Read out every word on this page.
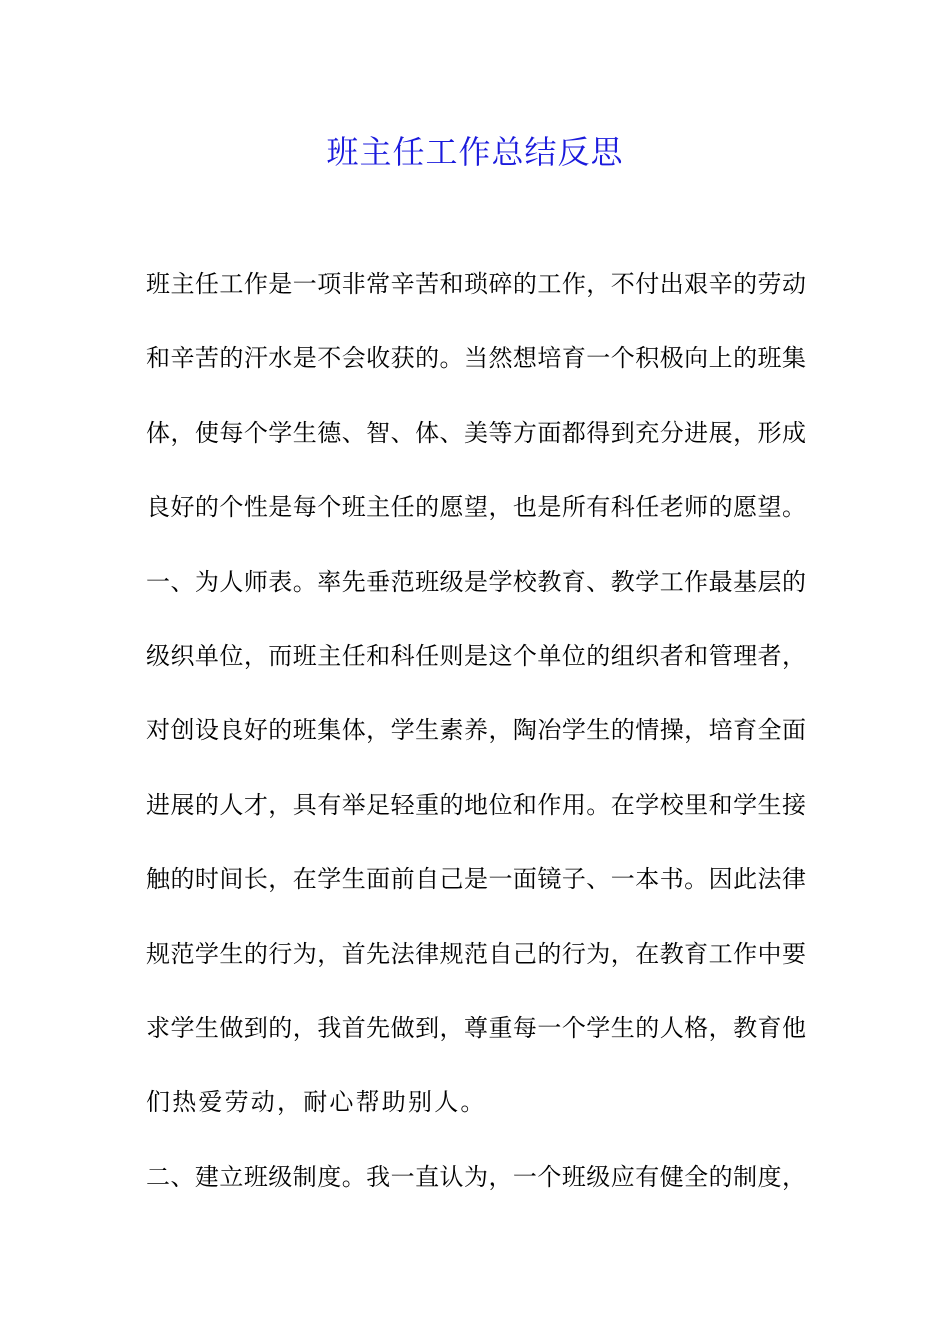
班主任工作总结反思
班主任工作是一项非常辛苦和琐碎的工作，不付出艰辛的劳动
和辛苦的汗水是不会收获的。当然想培育一个积极向上的班集
体，使每个学生德、智、体、美等方面都得到充分进展，形成
良好的个性是每个班主任的愿望，也是所有科任老师的愿望。
一、为人师表。率先垂范班级是学校教育、教学工作最基层的
级织单位，而班主任和科任则是这个单位的组织者和管理者，
对创设良好的班集体，学生素养，陶冶学生的情操，培育全面
进展的人才，具有举足轻重的地位和作用。在学校里和学生接
触的时间长，在学生面前自己是一面镜子、一本书。因此法律
规范学生的行为，首先法律规范自己的行为，在教育工作中要
求学生做到的，我首先做到，尊重每一个学生的人格，教育他
们热爱劳动，耐心帮助别人。
二、建立班级制度。我一直认为，一个班级应有健全的制度，
